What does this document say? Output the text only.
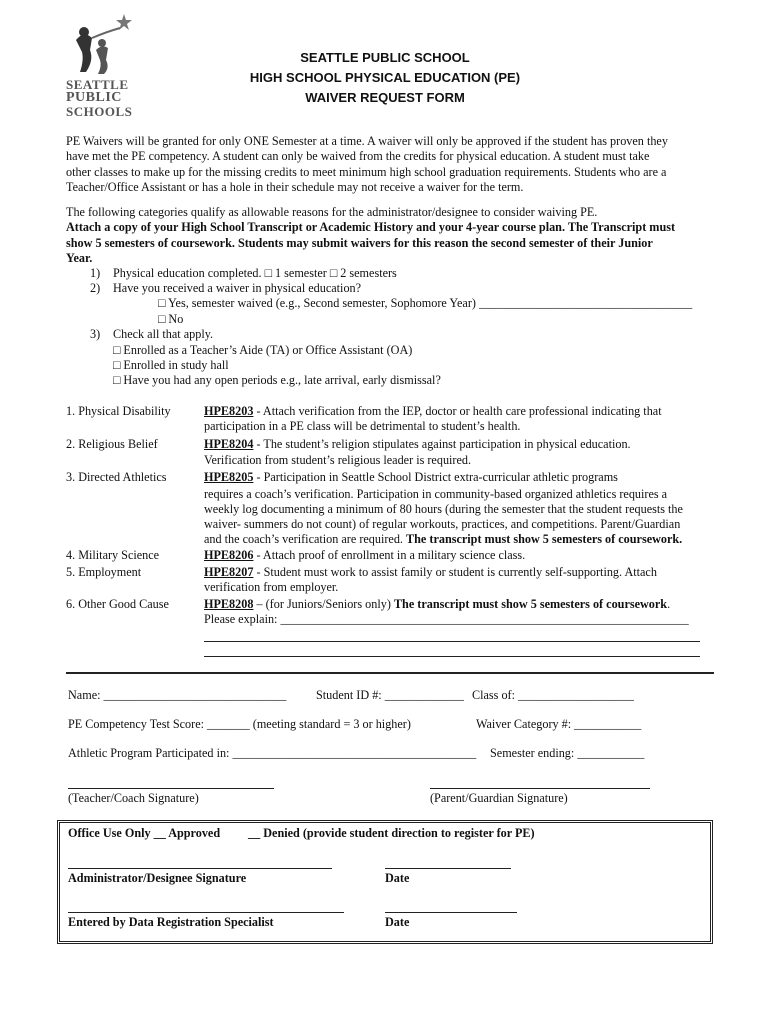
SEATTLE
PUBLIC
SCHOOLS
SEATTLE PUBLIC SCHOOL
HIGH SCHOOL PHYSICAL EDUCATION (PE)
WAIVER REQUEST FORM
PE Waivers will be granted for only ONE Semester at a time. A waiver will only be approved if the student has proven they
have met the PE competency. A student can only be waived from the credits for physical education. A student must take
other classes to make up for the missing credits to meet minimum high school graduation requirements. Students who are a
Teacher/Office Assistant or has a hole in their schedule may not receive a waiver for the term.
The following categories qualify as allowable reasons for the administrator/designee to consider waiving PE.
Attach a copy of your High School Transcript or Academic History and your 4-year course plan. The Transcript must
show 5 semesters of coursework. Students may submit waivers for this reason the second semester of their Junior
Year.
1) Physical education completed. □ 1 semester □ 2 semesters
2) Have you received a waiver in physical education?
□ Yes, semester waived (e.g., Second semester, Sophomore Year) ___________________________________
□ No
3) Check all that apply.
□ Enrolled as a Teacher’s Aide (TA) or Office Assistant (OA)
□ Enrolled in study hall
□ Have you had any open periods e.g., late arrival, early dismissal?
1. Physical Disability	HPE8203 - Attach verification from the IEP, doctor or health care professional indicating that
participation in a PE class will be detrimental to student’s health.
2. Religious Belief	HPE8204 - The student’s religion stipulates against participation in physical education.
Verification from student’s religious leader is required.
3. Directed Athletics	HPE8205 - Participation in Seattle School District extra-curricular athletic programs
requires a coach’s verification. Participation in community-based organized athletics requires a
weekly log documenting a minimum of 80 hours (during the semester that the student requests the
waiver- summers do not count) of regular workouts, practices, and competitions. Parent/Guardian
and the coach’s verification are required. The transcript must show 5 semesters of coursework.
4. Military Science	HPE8206 - Attach proof of enrollment in a military science class.
5. Employment	HPE8207 - Student must work to assist family or student is currently self-supporting. Attach
verification from employer.
6. Other Good Cause	HPE8208 – (for Juniors/Seniors only) The transcript must show 5 semesters of coursework.
Please explain: ___________________________________________________________________
Name: ______________________________ Student ID #: _____________ Class of: ___________________
PE Competency Test Score: _______ (meeting standard = 3 or higher)	Waiver Category #: ___________
Athletic Program Participated in: ________________________________________ Semester ending: ___________
(Teacher/Coach Signature)	(Parent/Guardian Signature)
Office Use Only __ Approved __ Denied (provide student direction to register for PE)
Administrator/Designee Signature	Date
Entered by Data Registration Specialist	Date
